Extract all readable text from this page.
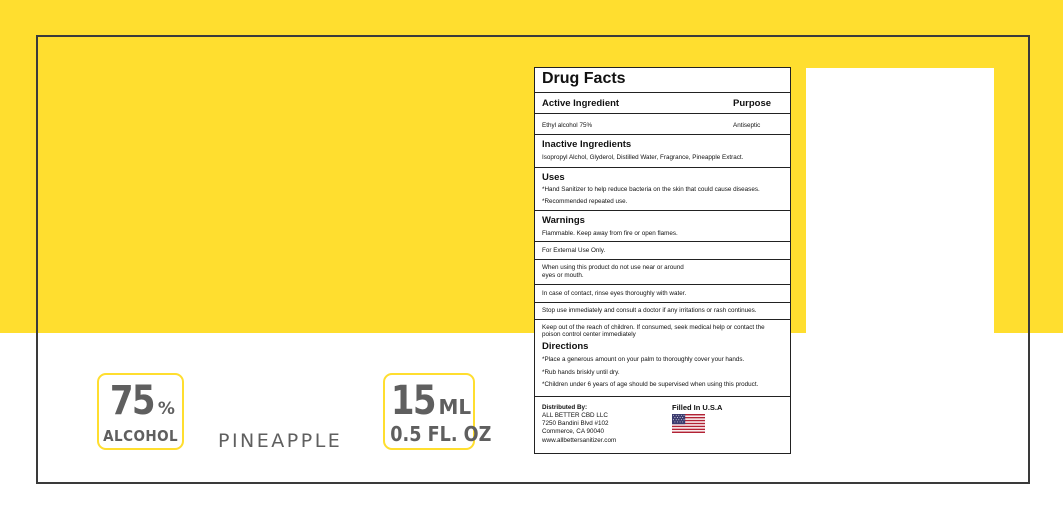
75 %
ALCOHOL PINEAPPLE
15 ML
0.5 FL. OZ
Drug Facts
Active Ingredient	Purpose
Ethyl alcohol 75%	Antiseptic
Inactive Ingredients
Isopropyl Alchol, Glyderol, Distilled Water, Fragrance, Pineapple Extract.
Uses
*Hand Sanitizer to help reduce bacteria on the skin that could cause diseases.
*Recommended repeated use.
Warnings
Flammable. Keep away from fire or open flames.
For External Use Only.
When using this product do not use near or around
eyes or mouth.
In case of contact, rinse eyes thoroughly with water.
Stop use immediately and consult a doctor if any irritations or rash continues.
Keep out of the reach of children. If consumed, seek medical help or contact the
poison control center immediately
Directions
*Place a generous amount on your palm to thoroughly cover your hands.
*Rub hands briskly until dry.
*Children under 6 years of age should be supervised when using this product.
Distributed By:
ALL BETTER CBD LLC
7250 Bandini Blvd #102
Commerce, CA 90040
www.allbettersanitizer.com
Filled In U.S.A
